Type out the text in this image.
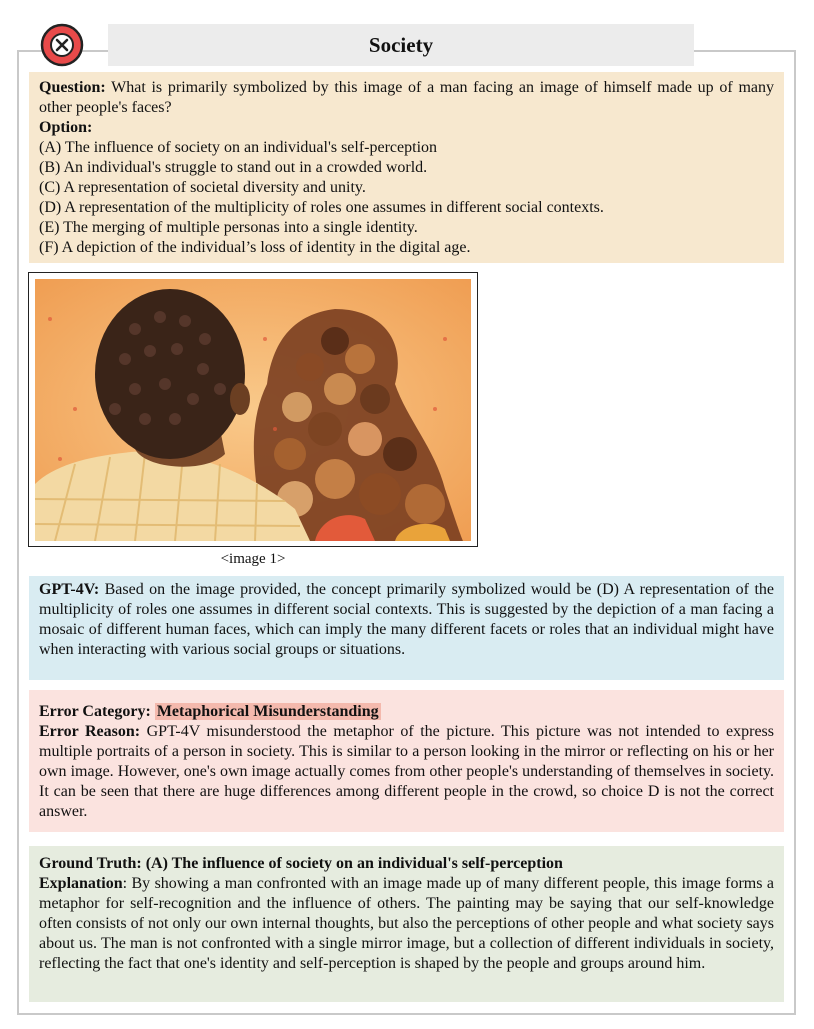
Society
Question: What is primarily symbolized by this image of a man facing an image of himself made up of many other people's faces?
Option:
(A) The influence of society on an individual's self-perception
(B) An individual's struggle to stand out in a crowded world.
(C) A representation of societal diversity and unity.
(D) A representation of the multiplicity of roles one assumes in different social contexts.
(E) The merging of multiple personas into a single identity.
(F) A depiction of the individual’s loss of identity in the digital age.
<image 1>
GPT-4V: Based on the image provided, the concept primarily symbolized would be (D) A representation of the multiplicity of roles one assumes in different social contexts. This is suggested by the depiction of a man facing a mosaic of different human faces, which can imply the many different facets or roles that an individual might have when interacting with various social groups or situations.
Error Category: Metaphorical Misunderstanding
Error Reason: GPT-4V misunderstood the metaphor of the picture. This picture was not intended to express multiple portraits of a person in society. This is similar to a person looking in the mirror or reflecting on his or her own image. However, one's own image actually comes from other people's understanding of themselves in society. It can be seen that there are huge differences among different people in the crowd, so choice D is not the correct answer.
Ground Truth: (A) The influence of society on an individual's self-perception
Explanation: By showing a man confronted with an image made up of many different people, this image forms a metaphor for self-recognition and the influence of others. The painting may be saying that our self-knowledge often consists of not only our own internal thoughts, but also the perceptions of other people and what society says about us. The man is not confronted with a single mirror image, but a collection of different individuals in society, reflecting the fact that one's identity and self-perception is shaped by the people and groups around him.
